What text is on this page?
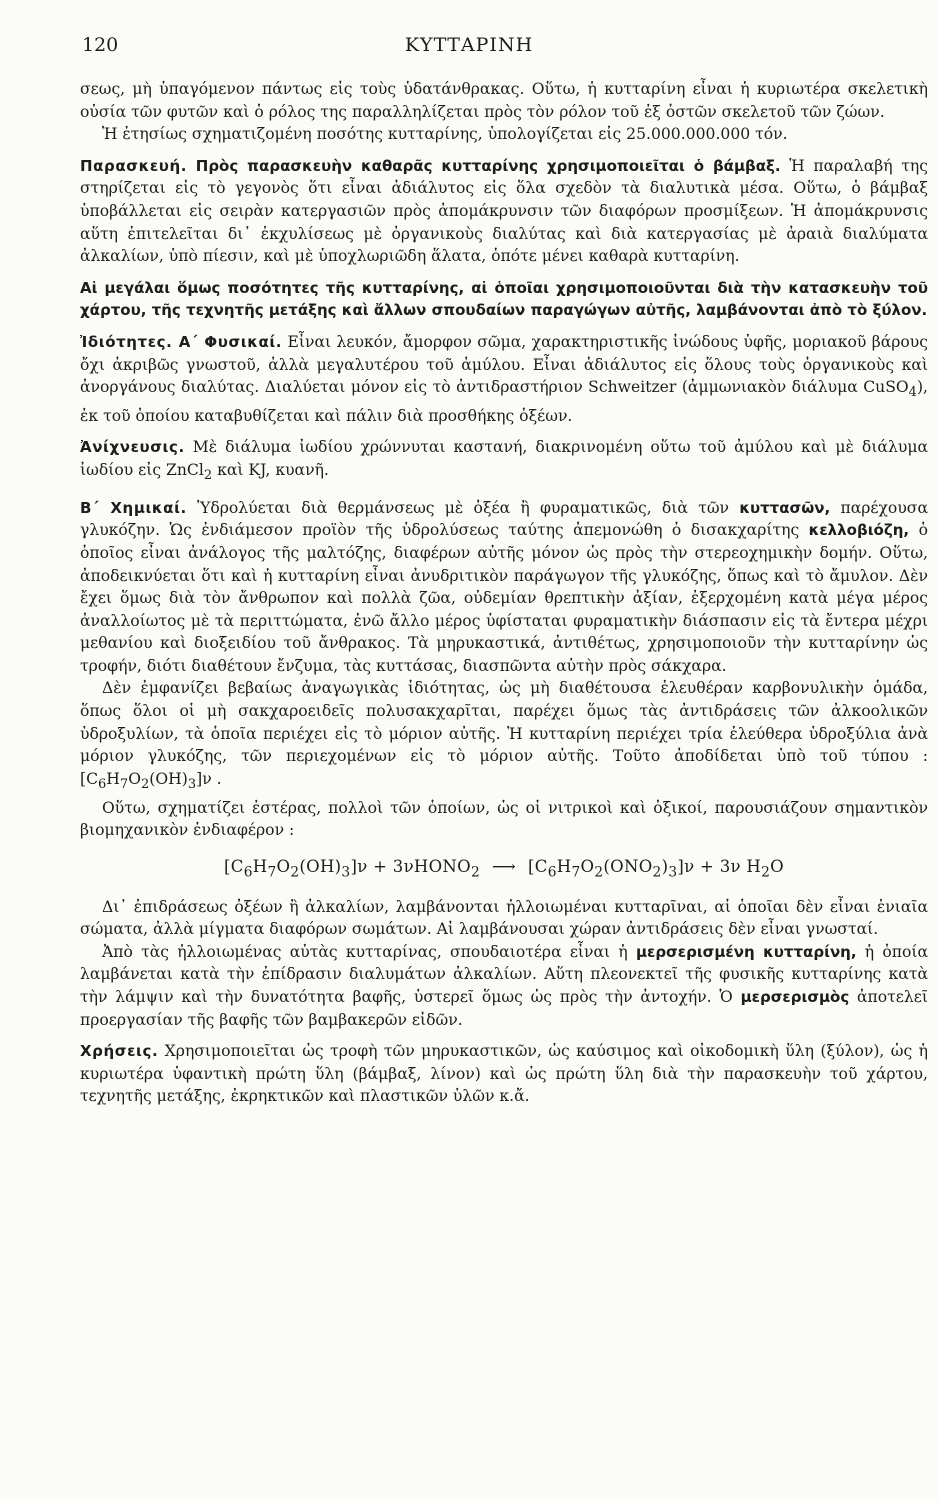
120	ΚΥΤΤΑΡΙΝΗ

σεως, μὴ ὑπαγόμενον πάντως εἰς τοὺς ὑδατάνθρακας. Οὕτω, ἡ κυτταρίνη εἶναι ἡ κυριωτέρα σκελετικὴ οὐσία τῶν φυτῶν καὶ ὁ ρόλος της παραλληλίζεται πρὸς τὸν ρόλον τοῦ ἐξ ὀστῶν σκελετοῦ τῶν ζώων.

Ἡ ἐτησίως σχηματιζομένη ποσότης κυτταρίνης, ὑπολογίζεται εἰς 25.000.000.000 τόν.

Παρασκευή. Πρὸς παρασκευὴν καθαρᾶς κυτταρίνης χρησιμοποιεῖται ὁ βάμβαξ. Ἡ παραλαβή της στηρίζεται εἰς τὸ γεγονὸς ὅτι εἶναι ἀδιάλυτος εἰς ὅλα σχεδὸν τὰ διαλυτικὰ μέσα. Οὕτω, ὁ βάμβαξ ὑποβάλλεται εἰς σειρὰν κατεργασιῶν πρὸς ἀπομάκρυνσιν τῶν διαφόρων προσμίξεων. Ἡ ἀπομάκρυνσις αὕτη ἐπιτελεῖται δι᾿ ἐκχυλίσεως μὲ ὀργανικοὺς διαλύτας καὶ διὰ κατεργασίας μὲ ἀραιὰ διαλύματα ἀλκαλίων, ὑπὸ πίεσιν, καὶ μὲ ὑποχλωριῶδη ἅλατα, ὁπότε μένει καθαρὰ κυτταρίνη.

Αἱ μεγάλαι ὅμως ποσότητες τῆς κυτταρίνης, αἱ ὁποῖαι χρησιμοποιοῦνται διὰ τὴν κατασκευὴν τοῦ χάρτου, τῆς τεχνητῆς μετάξης καὶ ἄλλων σπουδαίων παραγώγων αὐτῆς, λαμβάνονται ἀπὸ τὸ ξύλον.

Ἰδιότητες. Α΄ Φυσικαί. Εἶναι λευκόν, ἄμορφον σῶμα, χαρακτηριστικῆς ἰνώδους ὑφῆς, μοριακοῦ βάρους ὄχι ἀκριβῶς γνωστοῦ, ἀλλὰ μεγαλυτέρου τοῦ ἀμύλου. Εἶναι ἀδιάλυτος εἰς ὅλους τοὺς ὀργανικοὺς καὶ ἀνοργάνους διαλύτας. Διαλύεται μόνον εἰς τὸ ἀντιδραστήριον Schweitzer (ἀμμωνιακὸν διάλυμα CuSO$_4$), ἐκ τοῦ ὁποίου καταβυθίζεται καὶ πάλιν διὰ προσθήκης ὀξέων.

Ἀνίχνευσις. Μὲ διάλυμα ἰωδίου χρώννυται καστανή, διακρινομένη οὕτω τοῦ ἀμύλου καὶ μὲ διάλυμα ἰωδίου εἰς ZnCl$_2$ καὶ KJ, κυανῆ.

Β΄ Χημικαί. Ὑδρολύεται διὰ θερμάνσεως μὲ ὀξέα ἢ φυραματικῶς, διὰ τῶν κυττασῶν, παρέχουσα γλυκόζην. Ὡς ἐνδιάμεσον προϊὸν τῆς ὑδρολύσεως ταύτης ἀπεμονώθη ὁ δισακχαρίτης κελλοβιόζη, ὁ ὁποῖος εἶναι ἀνάλογος τῆς μαλτόζης, διαφέρων αὐτῆς μόνον ὡς πρὸς τὴν στερεοχημικὴν δομήν. Οὕτω, ἀποδεικνύεται ὅτι καὶ ἡ κυτταρίνη εἶναι ἀνυδριτικὸν παράγωγον τῆς γλυκόζης, ὅπως καὶ τὸ ἄμυλον. Δὲν ἔχει ὅμως διὰ τὸν ἄνθρωπον καὶ πολλὰ ζῶα, οὐδεμίαν θρεπτικὴν ἀξίαν, ἐξερχομένη κατὰ μέγα μέρος ἀναλλοίωτος μὲ τὰ περιττώματα, ἐνῶ ἄλλο μέρος ὑφίσταται φυραματικὴν διάσπασιν εἰς τὰ ἔντερα μέχρι μεθανίου καὶ διοξειδίου τοῦ ἄνθρακος. Τὰ μηρυκαστικά, ἀντιθέτως, χρησιμοποιοῦν τὴν κυτταρίνην ὡς τροφήν, διότι διαθέτουν ἔνζυμα, τὰς κυττάσας, διασπῶντα αὐτὴν πρὸς σάκχαρα.

Δὲν ἐμφανίζει βεβαίως ἀναγωγικὰς ἰδιότητας, ὡς μὴ διαθέτουσα ἐλευθέραν καρβονυλικὴν ὁμάδα, ὅπως ὅλοι οἱ μὴ σακχαροειδεῖς πολυσακχαρῖται, παρέχει ὅμως τὰς ἀντιδράσεις τῶν ἀλκοολικῶν ὑδροξυλίων, τὰ ὁποῖα περιέχει εἰς τὸ μόριον αὐτῆς. Ἡ κυτταρίνη περιέχει τρία ἐλεύθερα ὑδροξύλια ἀνὰ μόριον γλυκόζης, τῶν περιεχομένων εἰς τὸ μόριον αὐτῆς. Τοῦτο ἀποδίδεται ὑπὸ τοῦ τύπου : $[C_6H_7O_2(OH)_3]\nu$ .

Οὕτω, σχηματίζει ἐστέρας, πολλοὶ τῶν ὁποίων, ὡς οἱ νιτρικοὶ καὶ ὀξικοί, παρουσιάζουν σημαντικὸν βιομηχανικὸν ἐνδιαφέρον :

$[C_6H_7O_2(OH)_3]\nu$ + 3νHONO$_2$ ⟶ $[C_6H_7O_2(ONO_2)_3]\nu + 3\nu$ $H_2O$

Δι᾿ ἐπιδράσεως ὀξέων ἢ ἀλκαλίων, λαμβάνονται ἠλλοιωμέναι κυτταρῖναι, αἱ ὁποῖαι δὲν εἶναι ἑνιαῖα σώματα, ἀλλὰ μίγματα διαφόρων σωμάτων. Αἱ λαμβάνουσαι χώραν ἀντιδράσεις δὲν εἶναι γνωσταί.

Ἀπὸ τὰς ἠλλοιωμένας αὐτὰς κυτταρίνας, σπουδαιοτέρα εἶναι ἡ μερσερισμένη κυτταρίνη, ἡ ὁποία λαμβάνεται κατὰ τὴν ἐπίδρασιν διαλυμάτων ἀλκαλίων. Αὕτη πλεονεκτεῖ τῆς φυσικῆς κυτταρίνης κατὰ τὴν λάμψιν καὶ τὴν δυνατότητα βαφῆς, ὑστερεῖ ὅμως ὡς πρὸς τὴν ἀντοχήν. Ὁ μερσερισμὸς ἀποτελεῖ προεργασίαν τῆς βαφῆς τῶν βαμβακερῶν εἰδῶν.

Χρήσεις. Χρησιμοποιεῖται ὡς τροφὴ τῶν μηρυκαστικῶν, ὡς καύσιμος καὶ οἰκοδομικὴ ὕλη (ξύλον), ὡς ἡ κυριωτέρα ὑφαντικὴ πρώτη ὕλη (βάμβαξ, λίνον) καὶ ὡς πρώτη ὕλη διὰ τὴν παρασκευὴν τοῦ χάρτου, τεχνητῆς μετάξης, ἐκρηκτικῶν καὶ πλαστικῶν ὑλῶν κ.ἄ.
